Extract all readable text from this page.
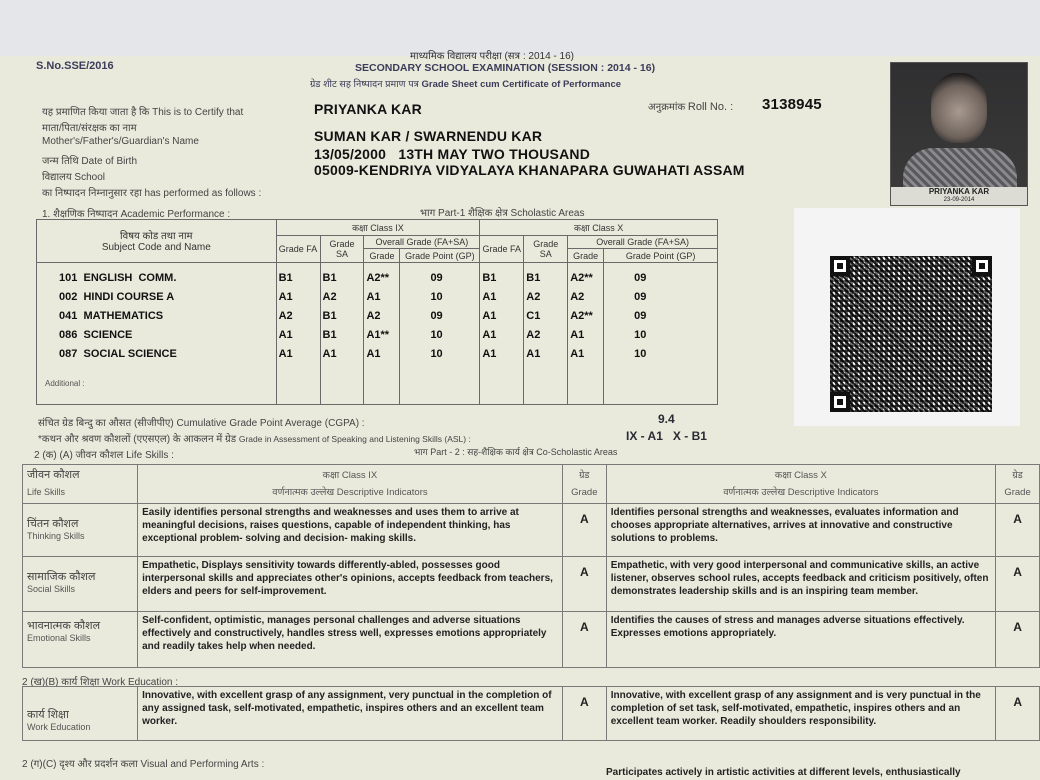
S.No.SSE/2016
माध्यमिक विद्यालय परीक्षा (सत्र : 2014 - 16)
SECONDARY SCHOOL EXAMINATION (SESSION : 2014 - 16)
ग्रेड शीट सह निष्पादन प्रमाण पत्र Grade Sheet cum Certificate of Performance
यह प्रमाणित किया जाता है कि This is to Certify that	PRIYANKA KAR	अनुक्रमांक Roll No. : 3138945
माता/पिता/संरक्षक का नाम
Mother's/Father's/Guardian's Name	SUMAN KAR / SWARNENDU KAR
जन्म तिथि Date of Birth	13/05/2000   13TH MAY TWO THOUSAND
विद्यालय School	05009-KENDRIYA VIDYALAYA KHANAPARA GUWAHATI ASSAM
का निष्पादन निम्नानुसार रहा has performed as follows :	PRIYANKA KAR
23-09-2014
1. शैक्षणिक निष्पादन Academic Performance :	भाग Part-1 शैक्षिक क्षेत्र Scholastic Areas
विषय कोड तथा नाम
Subject Code and Name	कक्षा Class IX				कक्षा Class X			
	Grade FA	Grade SA	Overall Grade (FA+SA)		Grade FA	Grade SA	Overall Grade (FA+SA)	
			Grade	Grade Point (GP)			Grade	Grade Point (GP)
101 ENGLISH  COMM.	B1	B1	A2**	09	B1	B1	A2**	09
002 HINDI COURSE A	A1	A2	A1	10	A1	A2	A2	09
041 MATHEMATICS	A2	B1	A2	09	A1	C1	A2**	09
086 SCIENCE	A1	B1	A1**	10	A1	A2	A1	10
087 SOCIAL SCIENCE	A1	A1	A1	10	A1	A1	A1	10
Additional :								
संचित ग्रेड बिन्दु का औसत (सीजीपीए) Cumulative Grade Point Average (CGPA) :	9.4
*कथन और श्रवण कौशलों (एएसएल) के आकलन में ग्रेड Grade in Assessment of Speaking and Listening Skills (ASL) :	IX - A1   X - B1
2 (क) (A) जीवन कौशल Life Skills :	भाग Part - 2 : सह-शैक्षिक कार्य क्षेत्र Co-Scholastic Areas
जीवन कौशल
Life Skills	कक्षा Class IX
वर्णनात्मक उल्लेख Descriptive Indicators	ग्रेड
Grade	कक्षा Class X
वर्णनात्मक उल्लेख Descriptive Indicators	ग्रेड
Grade

चिंतन कौशल
Thinking Skills	Easily identifies personal strengths and weaknesses and uses them to arrive at meaningful decisions, raises questions, capable of independent thinking, has exceptional problem- solving and decision- making skills.	A	Identifies personal strengths and weaknesses, evaluates information and chooses appropriate alternatives, arrives at innovative and constructive solutions to problems.	A

सामाजिक कौशल
Social Skills	Empathetic, Displays sensitivity towards differently-abled, possesses good interpersonal skills and appreciates other's opinions, accepts feedback from teachers, elders and peers for self-improvement.	A	Empathetic, with very good interpersonal and communicative skills, an active listener, observes school rules, accepts feedback and criticism positively, often demonstrates leadership skills and is an inspiring team member.	A

भावनात्मक कौशल
Emotional Skills	Self-confident, optimistic, manages personal challenges and adverse situations effectively and constructively, handles stress well, expresses emotions appropriately and readily takes help when needed.	A	Identifies the causes of stress and manages adverse situations effectively. Expresses emotions appropriately.	A
2 (ख)(B) कार्य शिक्षा Work Education :
कार्य शिक्षा
Work Education	Innovative, with excellent grasp of any assignment, very punctual in the completion of any assigned task, self-motivated, empathetic, inspires others and an excellent team worker.	A	Innovative, with excellent grasp of any assignment and is very punctual in the completion of set task, self-motivated, empathetic, inspires others and an excellent team worker. Readily shoulders responsibility.	A
2 (ग)(C) दृश्य और प्रदर्शन कला Visual and Performing Arts :
Participates actively in artistic activities at different levels, enthusiastically
